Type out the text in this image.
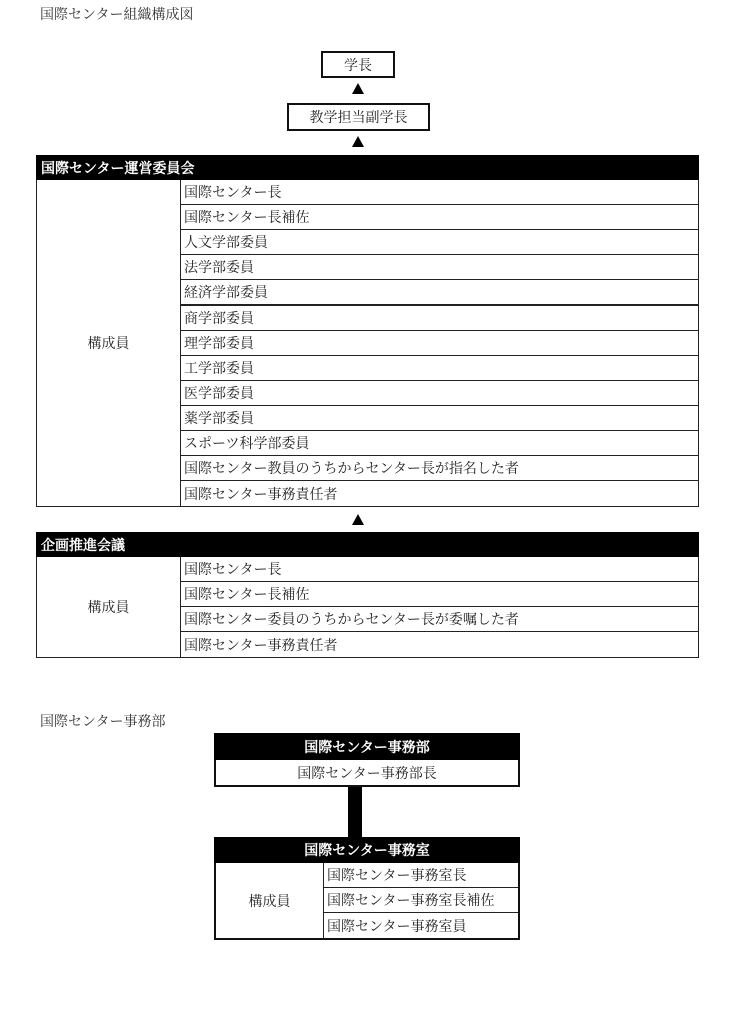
国際センター組織構成図
学長
教学担当副学長
国際センター運営委員会
構成員
国際センター長
国際センター長補佐
人文学部委員
法学部委員
経済学部委員
商学部委員
理学部委員
工学部委員
医学部委員
薬学部委員
スポーツ科学部委員
国際センター教員のうちからセンター長が指名した者
国際センター事務責任者
企画推進会議
構成員
国際センター長
国際センター長補佐
国際センター委員のうちからセンター長が委嘱した者
国際センター事務責任者
国際センター事務部
国際センター事務部
国際センター事務部長
国際センター事務室
構成員
国際センター事務室長
国際センター事務室長補佐
国際センター事務室員
